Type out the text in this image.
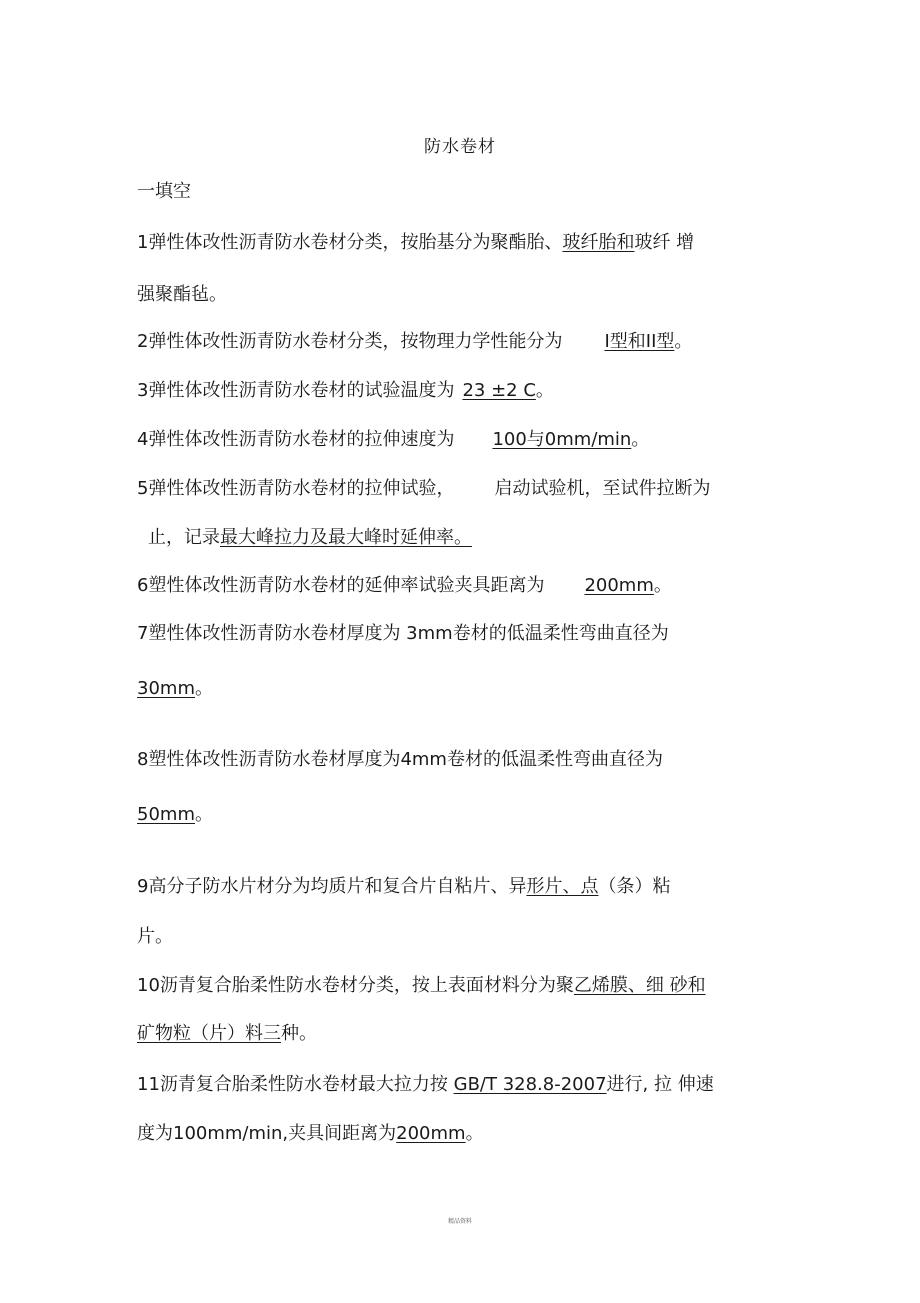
防水卷材
一填空
1弹性体改性沥青防水卷材分类，按胎基分为聚酯胎、玻纤胎和玻纤 增
强聚酯毡。
2弹性体改性沥青防水卷材分类，按物理力学性能分为 I型和II型。
3弹性体改性沥青防水卷材的试验温度为 23 ±2 C。
4弹性体改性沥青防水卷材的拉伸速度为 100与0mm/min。
5弹性体改性沥青防水卷材的拉伸试验， 启动试验机，至试件拉断为
止，记录最大峰拉力及最大峰时延伸率。
6塑性体改性沥青防水卷材的延伸率试验夹具距离为 200mm。
7塑性体改性沥青防水卷材厚度为 3mm卷材的低温柔性弯曲直径为
30mm。
8塑性体改性沥青防水卷材厚度为4mm卷材的低温柔性弯曲直径为
50mm。
9高分子防水片材分为均质片和复合片自粘片、异形片、点（条）粘
片。
10沥青复合胎柔性防水卷材分类，按上表面材料分为聚乙烯膜、细 砂和
矿物粒（片）料三种。
11沥青复合胎柔性防水卷材最大拉力按 GB/T 328.8-2007进行, 拉 伸速
度为100mm/min,夹具间距离为200mm。
精品资料
